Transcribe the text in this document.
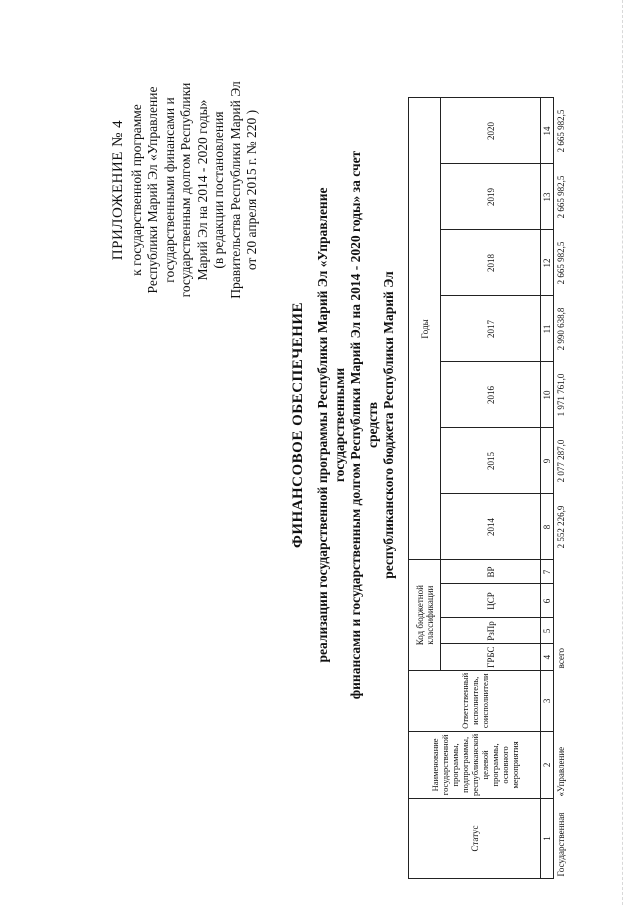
ПРИЛОЖЕНИЕ № 4 к государственной программе Республики Марий Эл «Управление государственными финансами и государственным долгом Республики Марий Эл на 2014 - 2020 годы» (в редакции постановления Правительства Республики Марий Эл от 20 апреля 2015 г. № 220 )
ФИНАНСОВОЕ ОБЕСПЕЧЕНИЕ реализации государственной программы Республики Марий Эл «Управление государственными финансами и государственным долгом Республики Марий Эл на 2014 - 2020 годы» за счет средств республиканского бюджета Республики Марий Эл
Статус	Наименование государственной программы, подпрограммы, республиканской целевой программы, основного мероприятия	Ответственный исполнитель, соисполнители	Код бюджетной классификации				Годы						
			ГРБС	РзПр	ЦСР	ВР	2014	2015	2016	2017	2018	2019	2020
1	2	3	4	5	6	7	8	9	10	11	12	13	14
Государственная	«Управление		всего				2 552 226,9	2 077 287,0	1 971 761,0	2 990 638,8	2 665 982,5	2 665 982,5	2 665 982,5
